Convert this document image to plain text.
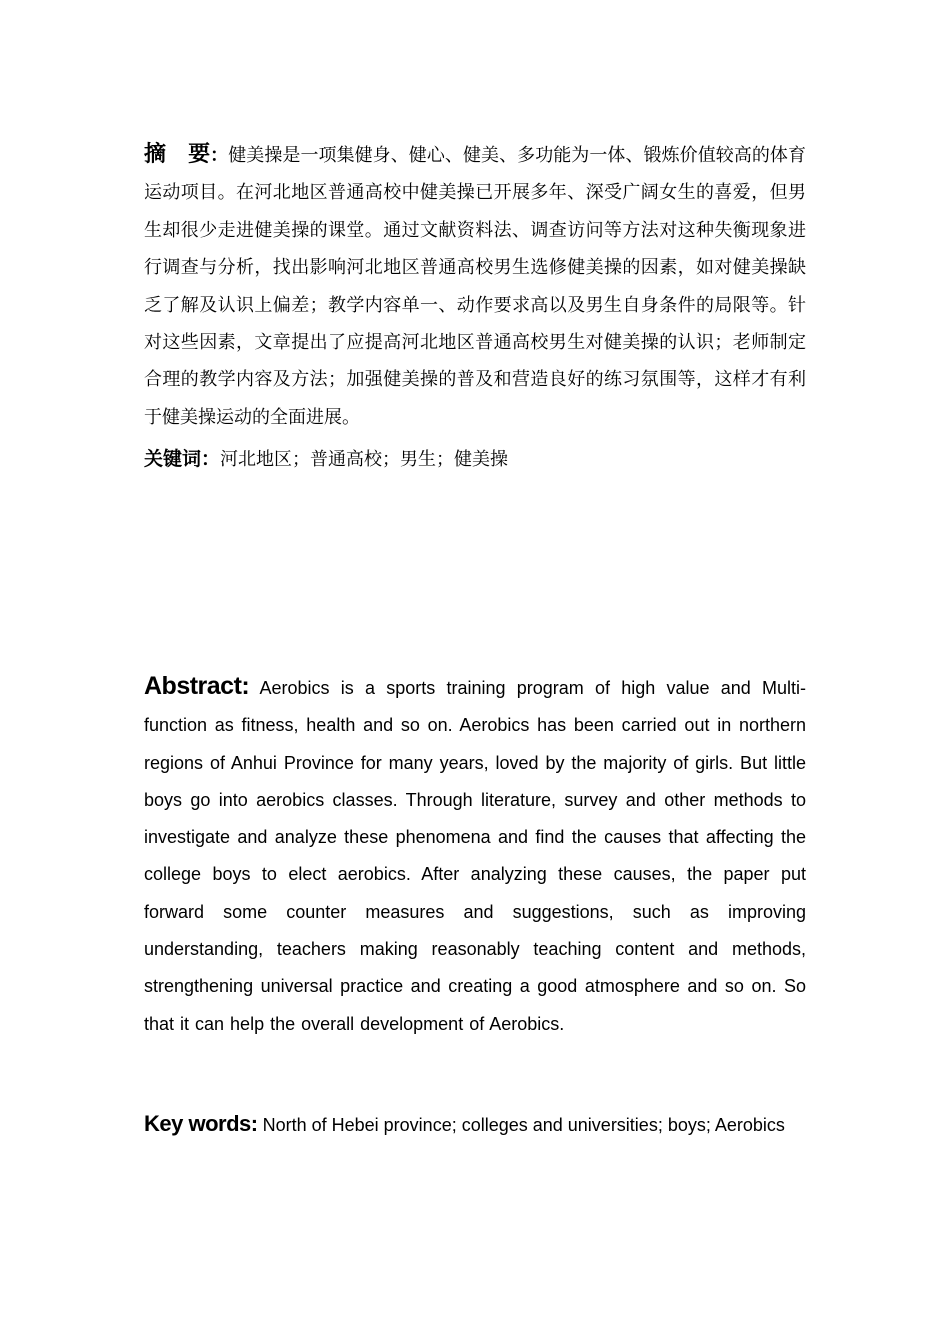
摘　要：健美操是一项集健身、健心、健美、多功能为一体、锻炼价值较高的体育运动项目。在河北地区普通高校中健美操已开展多年、深受广阔女生的喜爱，但男生却很少走进健美操的课堂。通过文献资料法、调查访问等方法对这种失衡现象进行调查与分析，找出影响河北地区普通高校男生选修健美操的因素，如对健美操缺乏了解及认识上偏差；教学内容单一、动作要求高以及男生自身条件的局限等。针对这些因素，文章提出了应提高河北地区普通高校男生对健美操的认识；老师制定合理的教学内容及方法；加强健美操的普及和营造良好的练习氛围等，这样才有利于健美操运动的全面进展。
关键词：河北地区；普通高校；男生；健美操
Abstract: Aerobics is a sports training program of high value and Multi-function as fitness, health and so on. Aerobics has been carried out in northern regions of Anhui Province for many years, loved by the majority of girls. But little boys go into aerobics classes. Through literature, survey and other methods to investigate and analyze these phenomena and find the causes that affecting the college boys to elect aerobics. After analyzing these causes, the paper put forward some counter measures and suggestions, such as improving understanding, teachers making reasonably teaching content and methods, strengthening universal practice and creating a good atmosphere and so on. So that it can help the overall development of Aerobics.
Key words: North of Hebei province; colleges and universities; boys; Aerobics
